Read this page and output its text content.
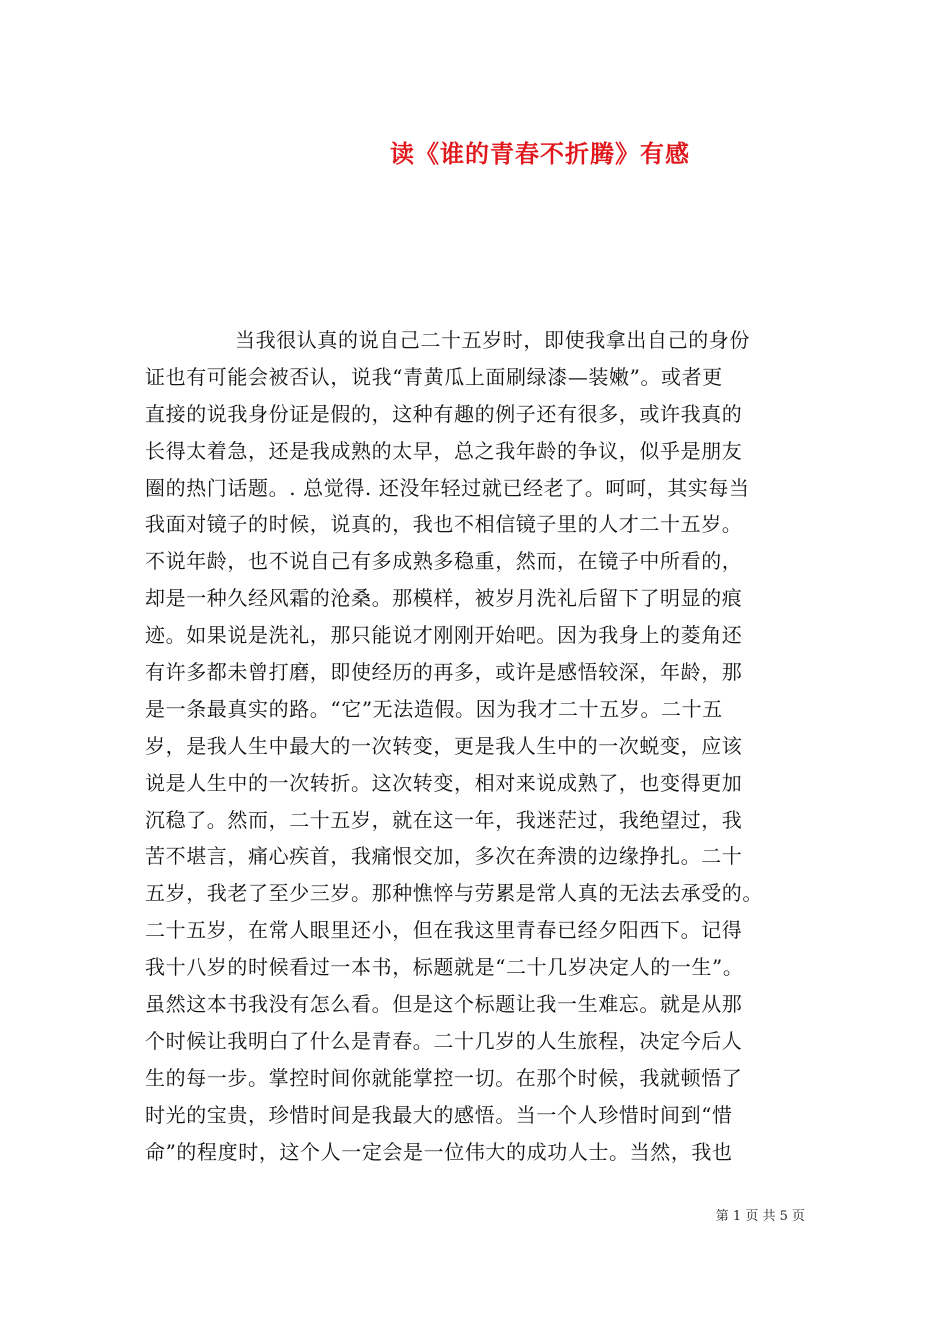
读《谁的青春不折腾》有感
当我很认真的说自己二十五岁时，即使我拿出自己的身份
证也有可能会被否认，说我“青黄瓜上面刷绿漆—装嫩”。或者更
直接的说我身份证是假的，这种有趣的例子还有很多，或许我真的
长得太着急，还是我成熟的太早，总之我年龄的争议，似乎是朋友
圈的热门话题。. 总觉得. 还没年轻过就已经老了。呵呵，其实每当
我面对镜子的时候，说真的，我也不相信镜子里的人才二十五岁。
不说年龄，也不说自己有多成熟多稳重，然而，在镜子中所看的，
却是一种久经风霜的沧桑。那模样，被岁月洗礼后留下了明显的痕
迹。如果说是洗礼，那只能说才刚刚开始吧。因为我身上的菱角还
有许多都未曾打磨，即使经历的再多，或许是感悟较深，年龄，那
是一条最真实的路。“它”无法造假。因为我才二十五岁。二十五
岁，是我人生中最大的一次转变，更是我人生中的一次蜕变，应该
说是人生中的一次转折。这次转变，相对来说成熟了，也变得更加
沉稳了。然而，二十五岁，就在这一年，我迷茫过，我绝望过，我
苦不堪言，痛心疾首，我痛恨交加，多次在奔溃的边缘挣扎。二十
五岁，我老了至少三岁。那种憔悴与劳累是常人真的无法去承受的。
二十五岁，在常人眼里还小，但在我这里青春已经夕阳西下。记得
我十八岁的时候看过一本书，标题就是“二十几岁决定人的一生”。
虽然这本书我没有怎么看。但是这个标题让我一生难忘。就是从那
个时候让我明白了什么是青春。二十几岁的人生旅程，决定今后人
生的每一步。掌控时间你就能掌控一切。在那个时候，我就顿悟了
时光的宝贵，珍惜时间是我最大的感悟。当一个人珍惜时间到“惜
命”的程度时，这个人一定会是一位伟大的成功人士。当然，我也
第 1 页 共 5 页
